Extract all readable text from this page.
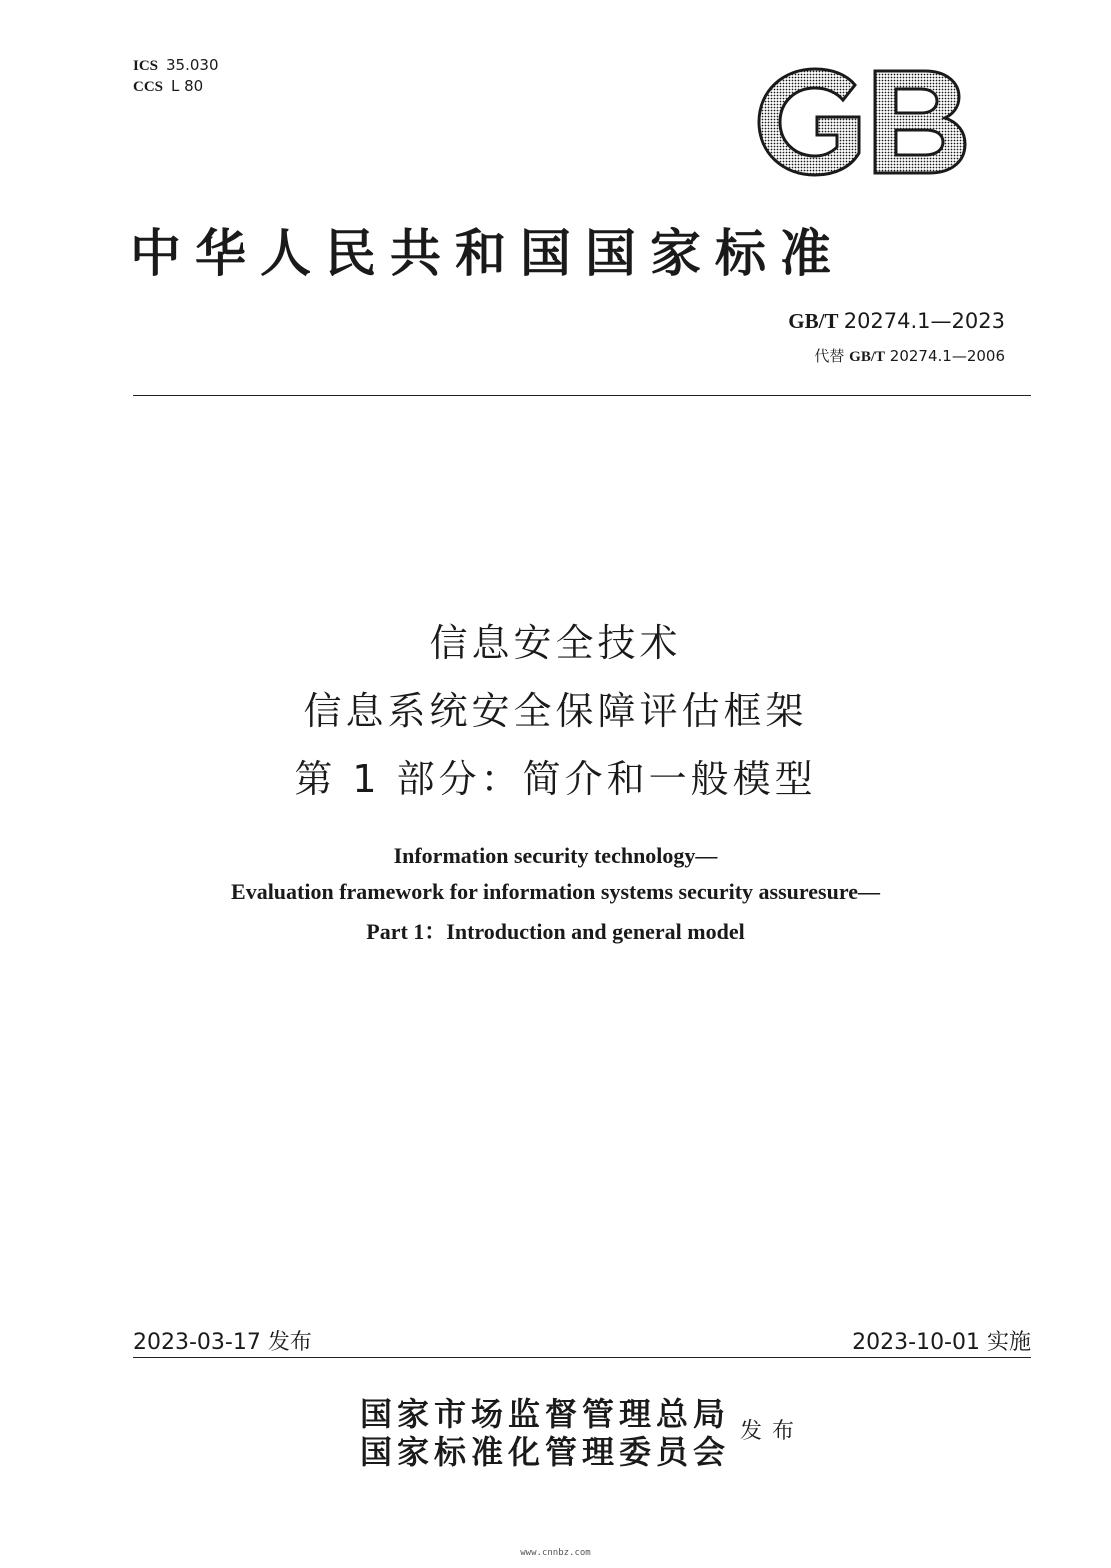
ICS 35.030
CCS L 80
中华人民共和国国家标准
GB/T 20274.1—2023
代替 GB/T 20274.1—2006
信息安全技术
信息系统安全保障评估框架
第 1 部分：简介和一般模型
Information security technology—
Evaluation framework for information systems security assuresure—
Part 1：Introduction and general model
2023-03-17 发布	2023-10-01 实施
国家市场监督管理总局
国家标准化管理委员会
发布
www.cnnbz.com
